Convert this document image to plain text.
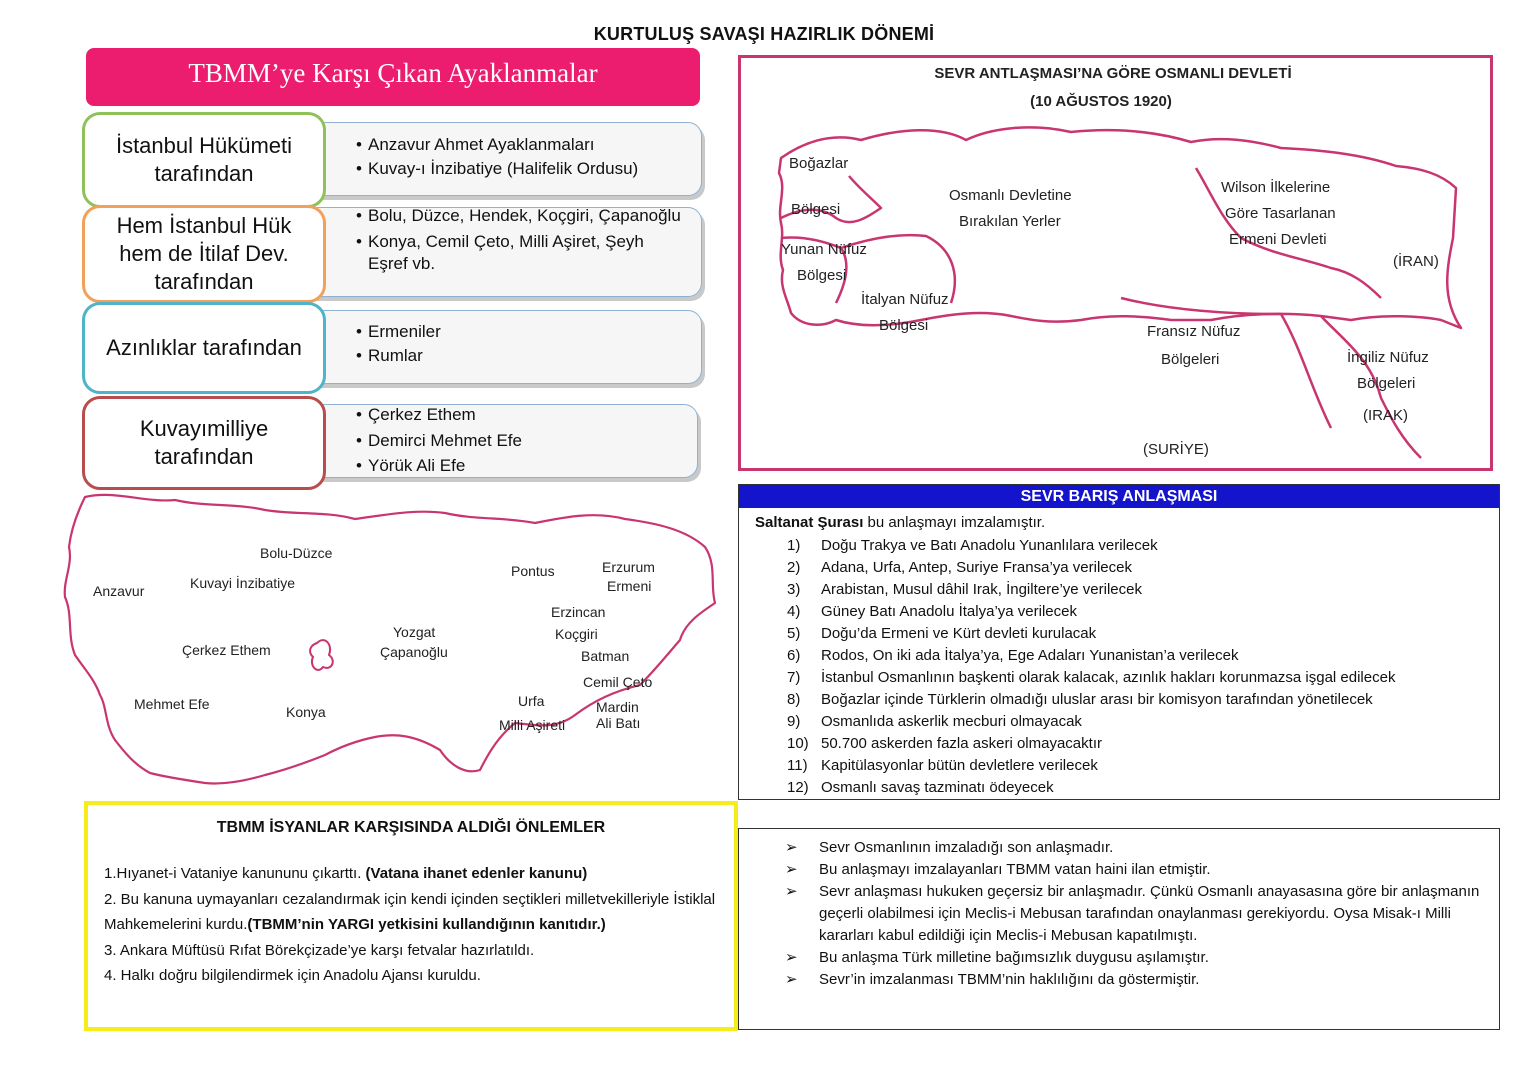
KURTULUŞ SAVAŞI HAZIRLIK DÖNEMİ
TBMM’ye Karşı Çıkan Ayaklanmalar
• Anzavur Ahmet Ayaklanmaları
• Kuvay-ı İnzibatiye (Halifelik Ordusu)
İstanbul Hükümeti tarafından
• Bolu, Düzce, Hendek, Koçgiri, Çapanoğlu
• Konya, Cemil Çeto, Milli Aşiret, Şeyh Eşref vb.
Hem İstanbul Hük hem de İtilaf Dev. tarafından
• Ermeniler
• Rumlar
Azınlıklar tarafından
• Çerkez Ethem
• Demirci Mehmet Efe
• Yörük Ali Efe
Kuvayımilliye tarafından
SEVR ANTLAŞMASI’NA GÖRE OSMANLI DEVLETİ
(10 AĞUSTOS 1920)
Boğazlar
Bölgesi
Yunan Nüfuz
Bölgesi
Osmanlı Devletine
Bırakılan Yerler
İtalyan Nüfuz
Bölgesi
Wilson İlkelerine
Göre Tasarlanan
Ermeni Devleti
(İRAN)
Fransız Nüfuz
Bölgeleri	İngiliz Nüfuz
Bölgeleri
(IRAK)
(SURİYE)
Bolu-Düzce
Anzavur	Kuvayi İnzibatiye
Pontus	Erzurum
Ermeni
Erzincan
Koçgiri
Yozgat
Çapanoğlu
Çerkez Ethem	Batman
Cemil Çeto
Mehmet Efe	Konya
Urfa
Milli Aşireti
Mardin
Ali Batı
SEVR BARIŞ ANLAŞMASI
Saltanat Şurası bu anlaşmayı imzalamıştır.
1) Doğu Trakya ve Batı Anadolu Yunanlılara verilecek
2) Adana, Urfa, Antep, Suriye Fransa’ya verilecek
3) Arabistan, Musul dâhil Irak, İngiltere’ye verilecek
4) Güney Batı Anadolu İtalya’ya verilecek
5) Doğu’da Ermeni ve Kürt devleti kurulacak
6) Rodos, On iki ada İtalya’ya, Ege Adaları Yunanistan’a verilecek
7) İstanbul Osmanlının başkenti olarak kalacak, azınlık hakları korunmazsa işgal edilecek
8) Boğazlar içinde Türklerin olmadığı uluslar arası bir komisyon tarafından yönetilecek
9) Osmanlıda askerlik mecburi olmayacak
10) 50.700 askerden fazla askeri olmayacaktır
11) Kapitülasyonlar bütün devletlere verilecek
12) Osmanlı savaş tazminatı ödeyecek
➢ Sevr Osmanlının imzaladığı son anlaşmadır.
➢ Bu anlaşmayı imzalayanları TBMM vatan haini ilan etmiştir.
➢ Sevr anlaşması hukuken geçersiz bir anlaşmadır. Çünkü Osmanlı anayasasına göre bir anlaşmanın geçerli olabilmesi için Meclis-i Mebusan tarafından onaylanması gerekiyordu. Oysa Misak-ı Milli kararları kabul edildiği için Meclis-i Mebusan kapatılmıştı.
➢ Bu anlaşma Türk milletine bağımsızlık duygusu aşılamıştır.
➢ Sevr’in imzalanması TBMM’nin haklılığını da göstermiştir.
TBMM İSYANLAR KARŞISINDA ALDIĞI ÖNLEMLER
1.Hıyanet-i Vataniye kanununu çıkarttı. (Vatana ihanet edenler kanunu)
2. Bu kanuna uymayanları cezalandırmak için kendi içinden seçtikleri milletvekilleriyle İstiklal Mahkemelerini kurdu.(TBMM’nin YARGI yetkisini kullandığının kanıtıdır.)
3. Ankara Müftüsü Rıfat Börekçizade’ye karşı fetvalar hazırlatıldı.
4. Halkı doğru bilgilendirmek için Anadolu Ajansı kuruldu.
